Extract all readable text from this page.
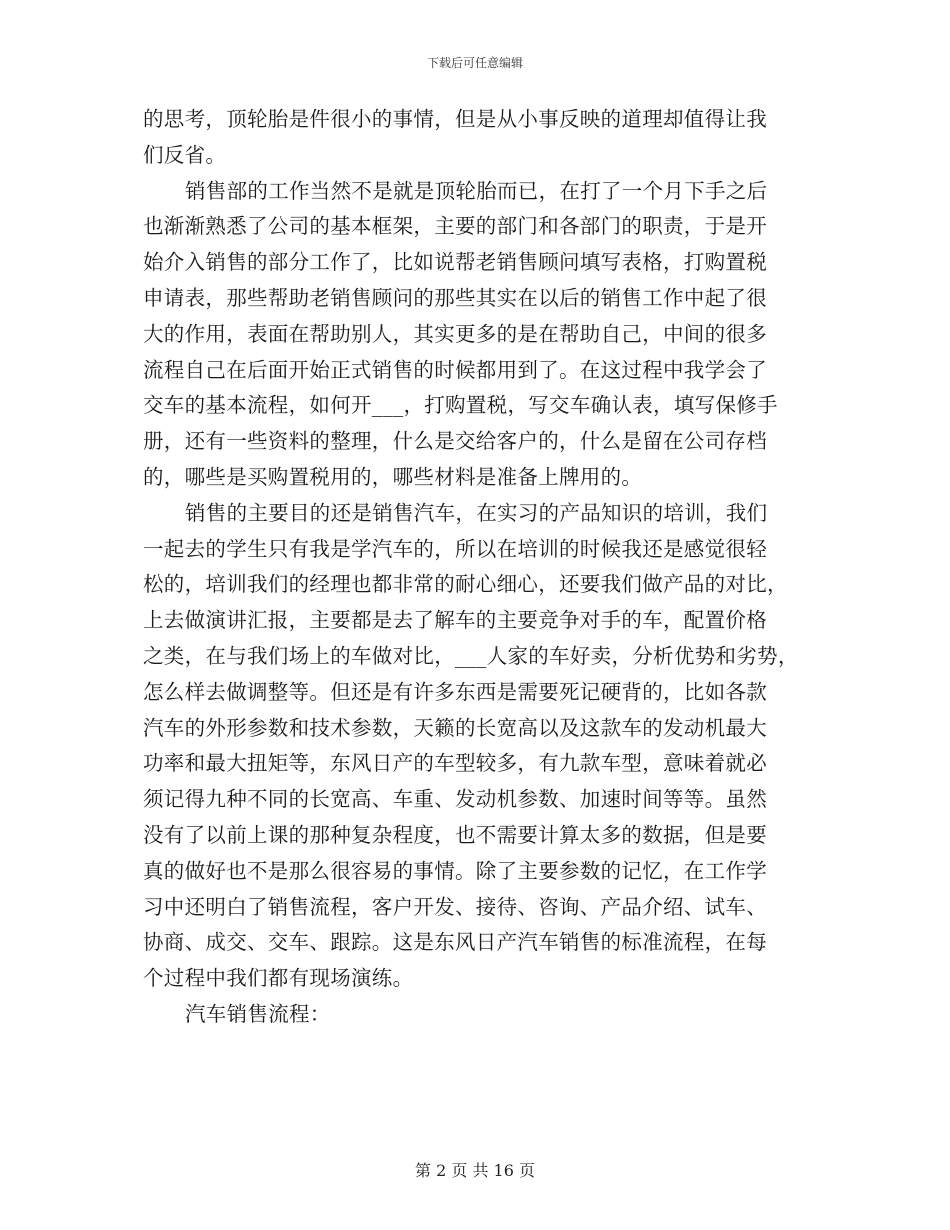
下载后可任意编辑

的思考，顶轮胎是件很小的事情，但是从小事反映的道理却值得让我
们反省。

销售部的工作当然不是就是顶轮胎而已，在打了一个月下手之后
也渐渐熟悉了公司的基本框架，主要的部门和各部门的职责，于是开
始介入销售的部分工作了，比如说帮老销售顾问填写表格，打购置税
申请表，那些帮助老销售顾问的那些其实在以后的销售工作中起了很
大的作用，表面在帮助别人，其实更多的是在帮助自己，中间的很多
流程自己在后面开始正式销售的时候都用到了。在这过程中我学会了
交车的基本流程，如何开___，打购置税，写交车确认表，填写保修手
册，还有一些资料的整理，什么是交给客户的，什么是留在公司存档
的，哪些是买购置税用的，哪些材料是准备上牌用的。

销售的主要目的还是销售汽车，在实习的产品知识的培训，我们
一起去的学生只有我是学汽车的，所以在培训的时候我还是感觉很轻
松的，培训我们的经理也都非常的耐心细心，还要我们做产品的对比，
上去做演讲汇报，主要都是去了解车的主要竞争对手的车，配置价格
之类，在与我们场上的车做对比，___人家的车好卖，分析优势和劣势，
怎么样去做调整等。但还是有许多东西是需要死记硬背的，比如各款
汽车的外形参数和技术参数，天籁的长宽高以及这款车的发动机最大
功率和最大扭矩等，东风日产的车型较多，有九款车型，意味着就必
须记得九种不同的长宽高、车重、发动机参数、加速时间等等。虽然
没有了以前上课的那种复杂程度，也不需要计算太多的数据，但是要
真的做好也不是那么很容易的事情。除了主要参数的记忆，在工作学
习中还明白了销售流程，客户开发、接待、咨询、产品介绍、试车、
协商、成交、交车、跟踪。这是东风日产汽车销售的标准流程，在每
个过程中我们都有现场演练。

汽车销售流程：

第 2 页 共 16 页
